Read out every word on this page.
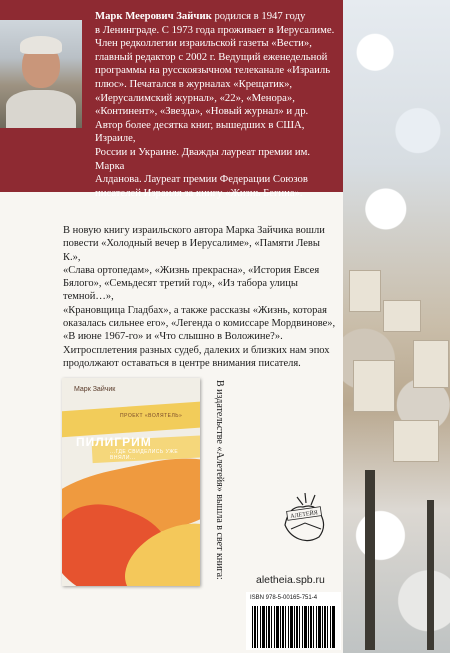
Марк Меерович Зайчик родился в 1947 году
в Ленинграде. С 1973 года проживает в Иерусалиме.
Член редколлегии израильской газеты «Вести»,
главный редактор с 2002 г. Ведущий еженедельной
программы на русскоязычном телеканале «Израиль
плюс». Печатался в журналах «Крещатик»,
«Иерусалимский журнал», «22», «Менора»,
«Континент», «Звезда», «Новый журнал» и др.
Автор более десятка книг, вышедших в США, Израиле,
России и Украине. Дважды лауреат премии им. Марка
Алданова. Лауреат премии Федерации Союзов
писателей Израиля за книгу «Жизнь Бегина».

В новую книгу израильского автора Марка Зайчика вошли

повести «Холодный вечер в Иерусалиме», «Памяти Левы К.»,

«Слава ортопедам», «Жизнь прекрасна», «История Евсея

Бялого», «Семьдесят третий год», «Из табора улицы темной…»,

«Крановщица Гладбах», а также рассказы «Жизнь, которая

оказалась сильнее его», «Легенда о комиссаре Мордвинове»,

«В июне 1967-го» и «Что слышно в Воложине?».

Хитросплетения разных судеб, далеких и близких нам эпох

продолжают оставаться в центре внимания писателя.

Марк Зайчик
ПРОЕКТ «ВОЛЯТЕЛЬ»
ПИЛИГРИМ
...ГДЕ СВИДЕЛИСЬ УЖЕ ВНЯЛИ...	В издательстве «Алетейя» вышла в свет книга:	АЛЕТЕЙЯ
aletheia.spb.ru
ISBN 978-5-00165-751-4
